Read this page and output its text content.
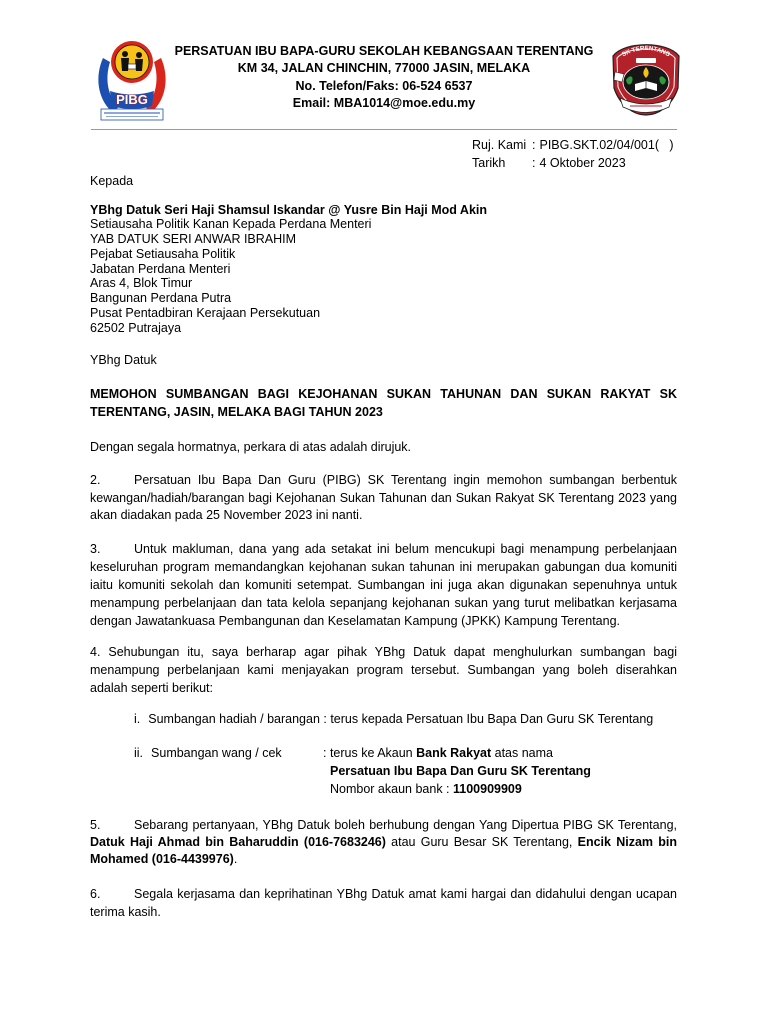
PIBG
PERSATUAN IBU BAPA-GURU SEKOLAH KEBANGSAAN TERENTANG
KM 34, JALAN CHINCHIN, 77000 JASIN, MELAKA
No. Telefon/Faks: 06-524 6537
Email: MBA1014@moe.edu.my
SK TERENTANG
Ruj. Kami : PIBG.SKT.02/04/001(   )
Tarikh : 4 Oktober 2023
Kepada
YBhg Datuk Seri Haji Shamsul Iskandar @ Yusre Bin Haji Mod Akin
Setiausaha Politik Kanan Kepada Perdana Menteri
YAB DATUK SERI ANWAR IBRAHIM
Pejabat Setiausaha Politik
Jabatan Perdana Menteri
Aras 4, Blok Timur
Bangunan Perdana Putra
Pusat Pentadbiran Kerajaan Persekutuan
62502 Putrajaya
YBhg Datuk
MEMOHON SUMBANGAN BAGI KEJOHANAN SUKAN TAHUNAN DAN SUKAN RAKYAT SK TERENTANG, JASIN, MELAKA BAGI TAHUN 2023
Dengan segala hormatnya, perkara di atas adalah dirujuk.
2.	Persatuan Ibu Bapa Dan Guru (PIBG) SK Terentang ingin memohon sumbangan berbentuk kewangan/hadiah/barangan bagi Kejohanan Sukan Tahunan dan Sukan Rakyat SK Terentang 2023 yang akan diadakan pada 25 November 2023 ini nanti.
3.	Untuk makluman, dana yang ada setakat ini belum mencukupi bagi menampung perbelanjaan keseluruhan program memandangkan kejohanan sukan tahunan ini merupakan gabungan dua komuniti iaitu komuniti sekolah dan komuniti setempat. Sumbangan ini juga akan digunakan sepenuhnya untuk menampung perbelanjaan dan tata kelola sepanjang kejohanan sukan yang turut melibatkan kerjasama dengan Jawatankuasa Pembangunan dan Keselamatan Kampung (JPKK) Kampung Terentang.
4. Sehubungan itu, saya berharap agar pihak YBhg Datuk dapat menghulurkan sumbangan bagi menampung perbelanjaan kami menjayakan program tersebut. Sumbangan yang boleh diserahkan adalah seperti berikut:
i. Sumbangan hadiah / barangan : terus kepada Persatuan Ibu Bapa Dan Guru SK Terentang
ii. Sumbangan wang / cek	: terus ke Akaun Bank Rakyat atas nama
Persatuan Ibu Bapa Dan Guru SK Terentang
Nombor akaun bank : 1100909909
5.	Sebarang pertanyaan, YBhg Datuk boleh berhubung dengan Yang Dipertua PIBG SK Terentang, Datuk Haji Ahmad bin Baharuddin (016-7683246) atau Guru Besar SK Terentang, Encik Nizam bin Mohamed (016-4439976).
6.	Segala kerjasama dan keprihatinan YBhg Datuk amat kami hargai dan didahului dengan ucapan terima kasih.
